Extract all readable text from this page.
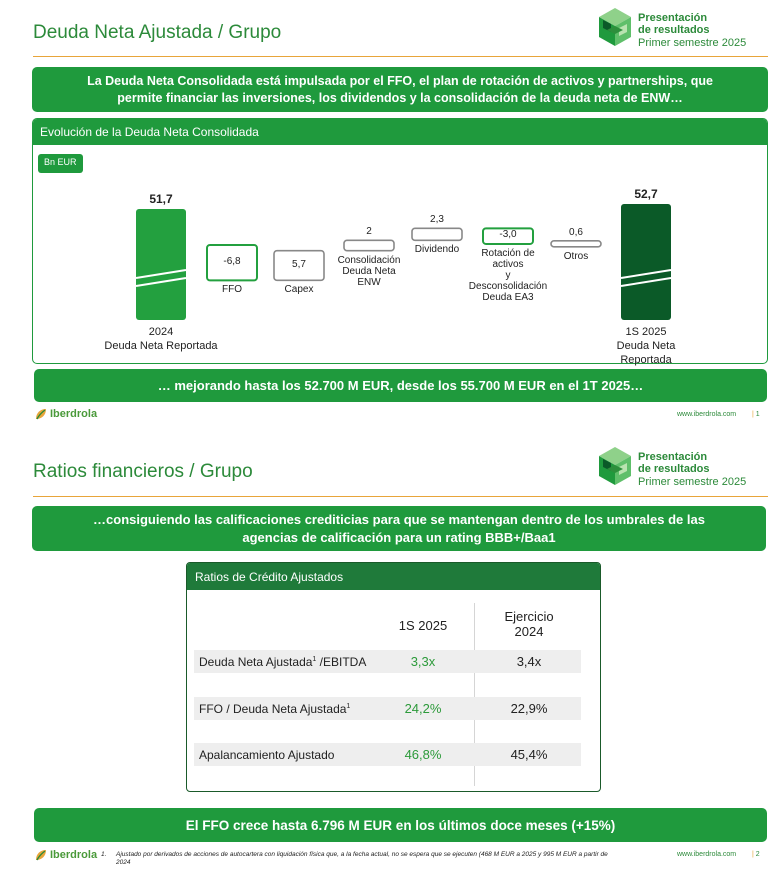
Deuda Neta Ajustada / Grupo
Presentación
de resultados
Primer semestre 2025
La Deuda Neta Consolidada está impulsada por el FFO, el plan de rotación de activos y partnerships, que
permite financiar las inversiones, los dividendos y la consolidación de la deuda neta de ENW…
Evolución de la Deuda Neta Consolidada
Bn EUR
51,7
2024
Deuda Neta Reportada
-6,8
FFO
5,7
Capex
2
Consolidación
Deuda Neta
ENW
2,3
Dividendo
-3,0
Rotación de
activos
y
Desconsolidación
Deuda EA3
0,6
Otros
52,7
1S 2025
Deuda Neta
Reportada
… mejorando hasta los 52.700 M EUR, desde los 55.700 M EUR en el 1T 2025…
Iberdrola	www.iberdrola.com | 1
Ratios financieros / Grupo
Presentación
de resultados
Primer semestre 2025
…consiguiendo las calificaciones crediticias para que se mantengan dentro de los umbrales de las
agencias de calificación para un rating BBB+/Baa1
Ratios de Crédito Ajustados
1S 2025
Ejercicio
2024
Deuda Neta Ajustada$^1$ /EBITDA	3,3x	3,4x
FFO / Deuda Neta Ajustada$^1$	24,2%	22,9%
Apalancamiento Ajustado	46,8%	45,4%
El FFO crece hasta 6.796 M EUR en los últimos doce meses (+15%)
Iberdrola 1. Ajustado por derivados de acciones de autocartera con liquidación física que, a la fecha actual, no se espera que se ejecuten (468 M EUR a 2025 y 995 M EUR a partir de 2024
www.iberdrola.com | 2
